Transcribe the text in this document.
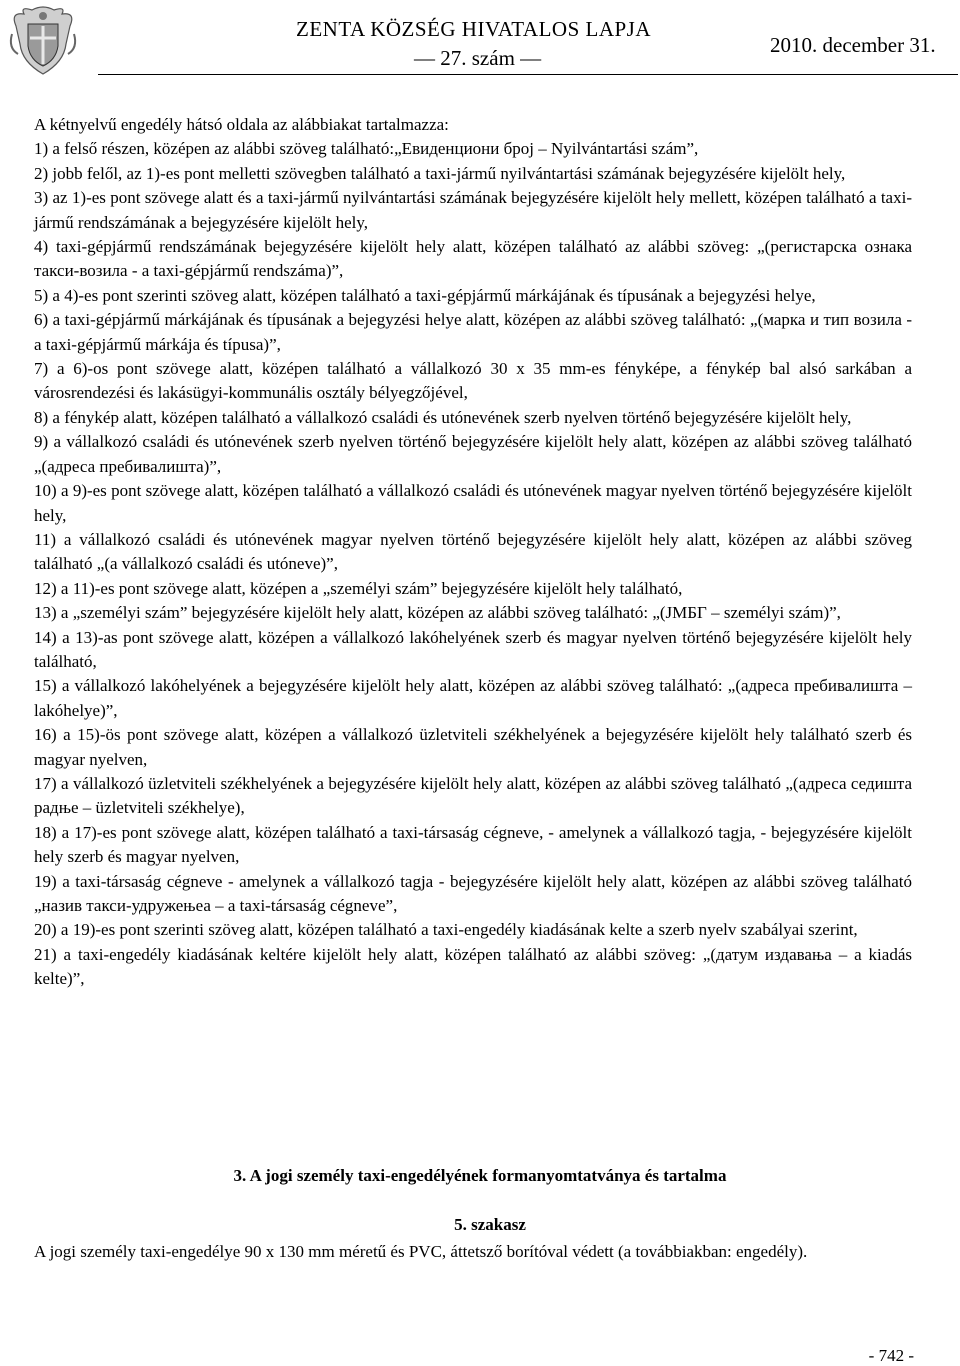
ZENTA KÖZSÉG HIVATALOS LAPJA
— 27. szám —
2010. december 31.

A kétnyelvű engedély hátsó oldala az alábbiakat tartalmazza:

1) a felső részen, középen az alábbi szöveg található:„Евиденциони број – Nyilvántartási szám”,

2) jobb felől, az 1)-es pont melletti szövegben található a taxi-jármű nyilvántartási számának bejegyzésére kijelölt hely,

3) az 1)-es pont szövege alatt és a taxi-jármű nyilvántartási számának bejegyzésére kijelölt hely mellett, középen található a taxi-jármű rendszámának a bejegyzésére kijelölt hely,

4) taxi-gépjármű rendszámának bejegyzésére kijelölt hely alatt, középen található az alábbi szöveg: „(регистарска ознака такси-возила - a taxi-gépjármű rendszáma)”,

5) a 4)-es pont szerinti szöveg alatt, középen található a taxi-gépjármű márkájának és típusának a bejegyzési helye,

6) a taxi-gépjármű márkájának és típusának a bejegyzési helye alatt, középen az alábbi szöveg található: „(марка и тип возила - a taxi-gépjármű márkája és típusa)”,

7) a 6)-os pont szövege alatt, középen található a vállalkozó 30 x 35 mm-es fényképe, a fénykép bal alsó sarkában a városrendezési és lakásügyi-kommunális osztály bélyegzőjével,

8) a fénykép alatt, középen található a vállalkozó családi és utónevének szerb nyelven történő bejegyzésére kijelölt hely,

9) a vállalkozó családi és utónevének szerb nyelven történő bejegyzésére kijelölt hely alatt, középen az alábbi szöveg található „(адреса пребивалишта)”,

10) a 9)-es pont szövege alatt, középen található a vállalkozó családi és utónevének magyar nyelven történő bejegyzésére kijelölt hely,

11) a vállalkozó családi és utónevének magyar nyelven történő bejegyzésére kijelölt hely alatt, középen az alábbi szöveg található „(a vállalkozó családi és utóneve)”,

12) a 11)-es pont szövege alatt, középen a „személyi szám” bejegyzésére kijelölt hely található,

13) a „személyi szám” bejegyzésére kijelölt hely alatt, középen az alábbi szöveg található: „(ЈМБГ – személyi szám)”,

14) a 13)-as pont szövege alatt, középen a vállalkozó lakóhelyének szerb és magyar nyelven történő bejegyzésére kijelölt hely található,

15) a vállalkozó lakóhelyének a bejegyzésére kijelölt hely alatt, középen az alábbi szöveg található: „(адреса пребивалишта – lakóhelye)”,

16) a 15)-ös pont szövege alatt, középen a vállalkozó üzletviteli székhelyének a bejegyzésére kijelölt hely található szerb és magyar nyelven,

17) a vállalkozó üzletviteli székhelyének a bejegyzésére kijelölt hely alatt, középen az alábbi szöveg található „(адреса седишта радње – üzletviteli székhelye),

18) a 17)-es pont szövege alatt, középen található a taxi-társaság cégneve, - amelynek a vállalkozó tagja, - bejegyzésére kijelölt hely szerb és magyar nyelven,

19) a taxi-társaság cégneve - amelynek a vállalkozó tagja - bejegyzésére kijelölt hely alatt, középen az alábbi szöveg található „назив такси-удружењеа – a taxi-társaság cégneve”,

20) a 19)-es pont szerinti szöveg alatt, középen található a taxi-engedély kiadásának kelte a szerb nyelv szabályai szerint,

21) a taxi-engedély kiadásának keltére kijelölt hely alatt, középen található az alábbi szöveg: „(датум издавања – a kiadás kelte)”,

3. A jogi személy taxi-engedélyének formanyomtatványa és tartalma
5. szakasz
A jogi személy taxi-engedélye 90 x 130 mm méretű és PVC, áttetsző borítóval védett (a továbbiakban: engedély).
- 742 -
